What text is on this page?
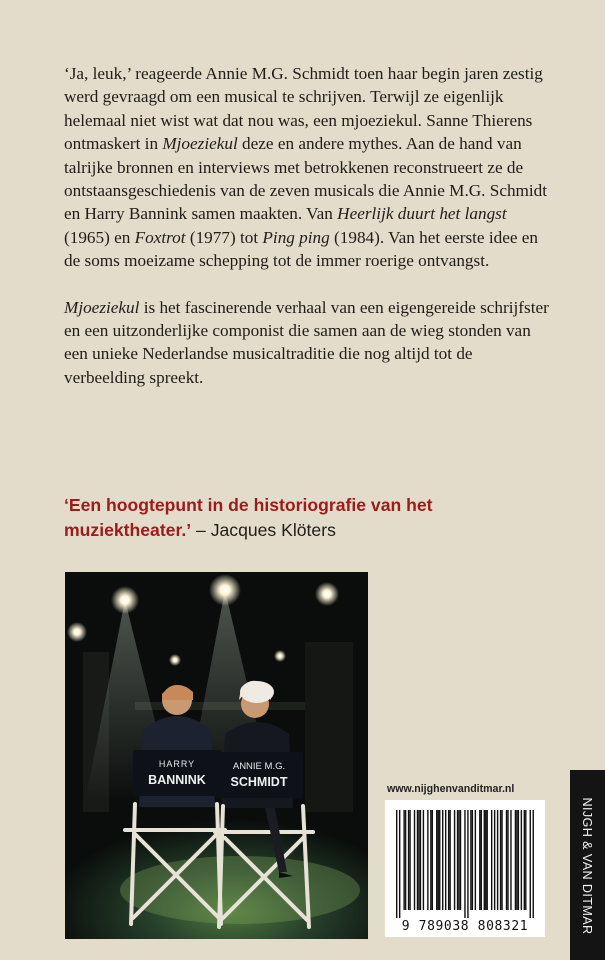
‘Ja, leuk,’ reageerde Annie M.G. Schmidt toen haar begin jaren zestig werd gevraagd om een musical te schrijven. Terwijl ze eigenlijk helemaal niet wist wat dat nou was, een mjoeziekul. Sanne Thierens ontmaskert in Mjoeziekul deze en andere mythes. Aan de hand van talrijke bronnen en interviews met betrokkenen reconstrueert ze de ontstaansgeschiedenis van de zeven musicals die Annie M.G. Schmidt en Harry Bannink samen maakten. Van Heerlijk duurt het langst (1965) en Foxtrot (1977) tot Ping ping (1984). Van het eerste idee en de soms moeizame schepping tot de immer roerige ontvangst.

Mjoeziekul is het fascinerende verhaal van een eigengereide schrijfster en een uitzonderlijke componist die samen aan de wieg stonden van een unieke Nederlandse musicaltraditie die nog altijd tot de verbeelding spreekt.

‘Een hoogtepunt in de historiografie van het muziektheater.’ – Jacques Klöters
HARRY
BANNINK
ANNIE M.G.
SCHMIDT	www.nijghenvanditmar.nl
9 789038 808321	NIJGH & VAN DITMAR
